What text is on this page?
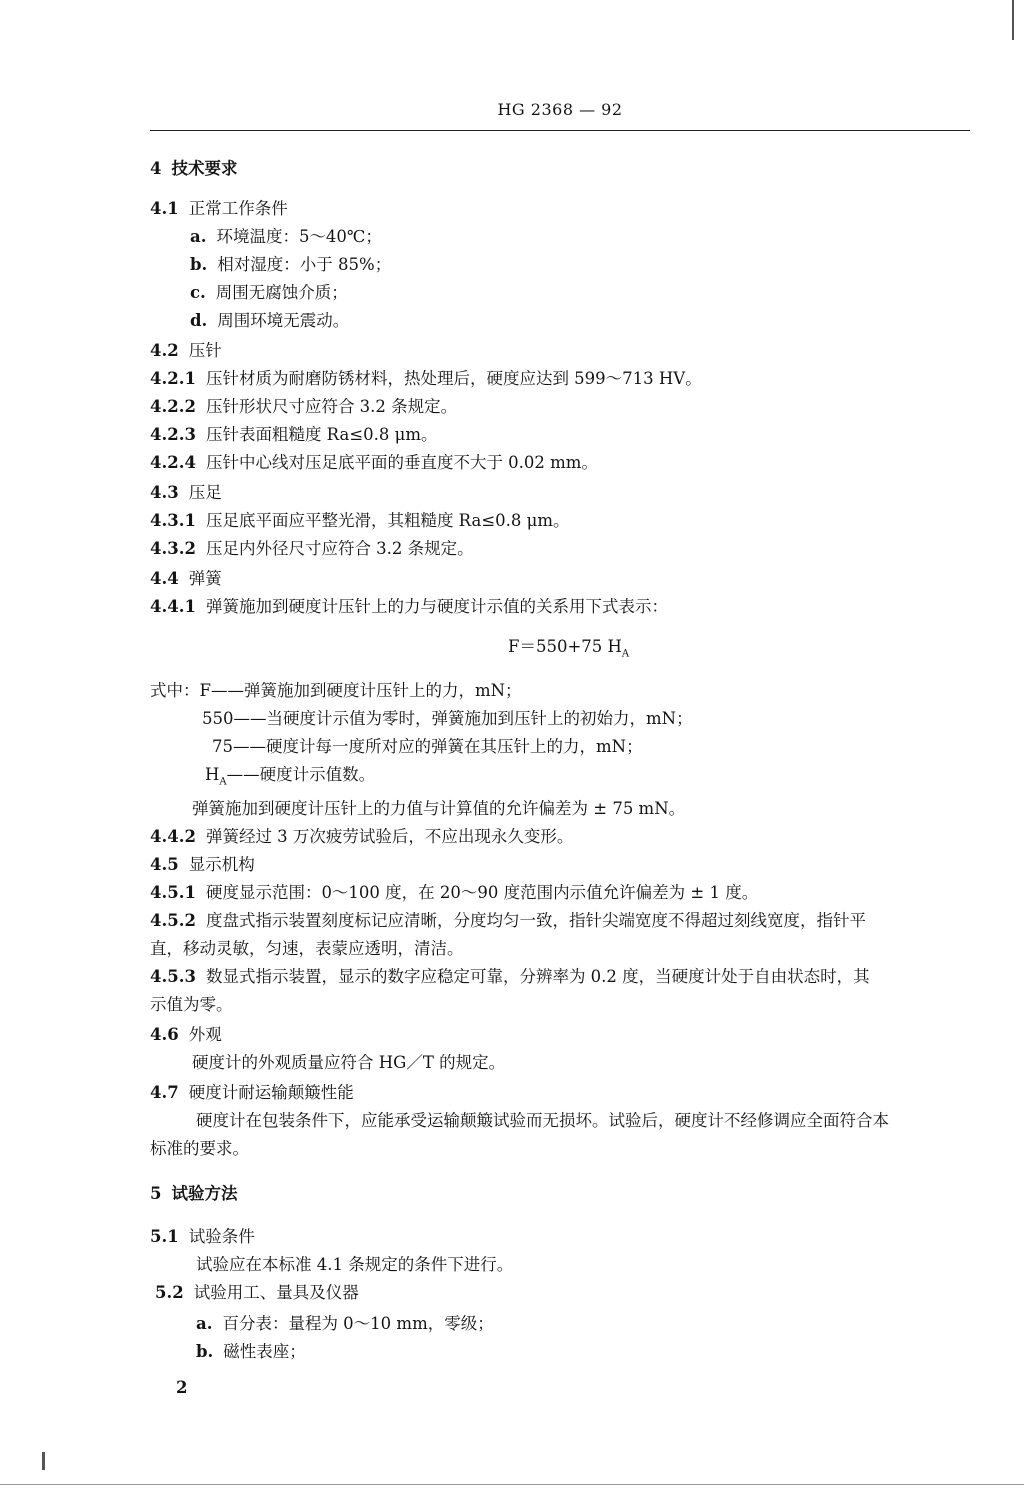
HG 2368 — 92
4 技术要求
4.1 正常工作条件
a. 环境温度：5～40℃；
b. 相对湿度：小于 85%；
c. 周围无腐蚀介质；
d. 周围环境无震动。
4.2 压针
4.2.1 压针材质为耐磨防锈材料，热处理后，硬度应达到 599～713 HV。
4.2.2 压针形状尺寸应符合 3.2 条规定。
4.2.3 压针表面粗糙度 Ra≤0.8 μm。
4.2.4 压针中心线对压足底平面的垂直度不大于 0.02 mm。
4.3 压足
4.3.1 压足底平面应平整光滑，其粗糙度 Ra≤0.8 μm。
4.3.2 压足内外径尺寸应符合 3.2 条规定。
4.4 弹簧
4.4.1 弹簧施加到硬度计压针上的力与硬度计示值的关系用下式表示：
F＝550+75 $H_A$
式中：F——弹簧施加到硬度计压针上的力，mN；
550——当硬度计示值为零时，弹簧施加到压针上的初始力，mN；
75——硬度计每一度所对应的弹簧在其压针上的力，mN；
$H_A——$硬度计示值数。
弹簧施加到硬度计压针上的力值与计算值的允许偏差为 ± 75 mN。
4.4.2 弹簧经过 3 万次疲劳试验后，不应出现永久变形。
4.5 显示机构
4.5.1 硬度显示范围：0～100 度，在 20～90 度范围内示值允许偏差为 ± 1 度。
4.5.2 度盘式指示装置刻度标记应清晰，分度均匀一致，指针尖端宽度不得超过刻线宽度，指针平
直，移动灵敏，匀速，表蒙应透明，清洁。
4.5.3 数显式指示装置，显示的数字应稳定可靠，分辨率为 0.2 度，当硬度计处于自由状态时，其
示值为零。
4.6 外观
硬度计的外观质量应符合 HG／T 的规定。
4.7 硬度计耐运输颠簸性能
硬度计在包装条件下，应能承受运输颠簸试验而无损坏。试验后，硬度计不经修调应全面符合本
标准的要求。
5 试验方法
5.1 试验条件
试验应在本标准 4.1 条规定的条件下进行。
5.2 试验用工、量具及仪器
a. 百分表：量程为 0～10 mm，零级；
b. 磁性表座；
2
